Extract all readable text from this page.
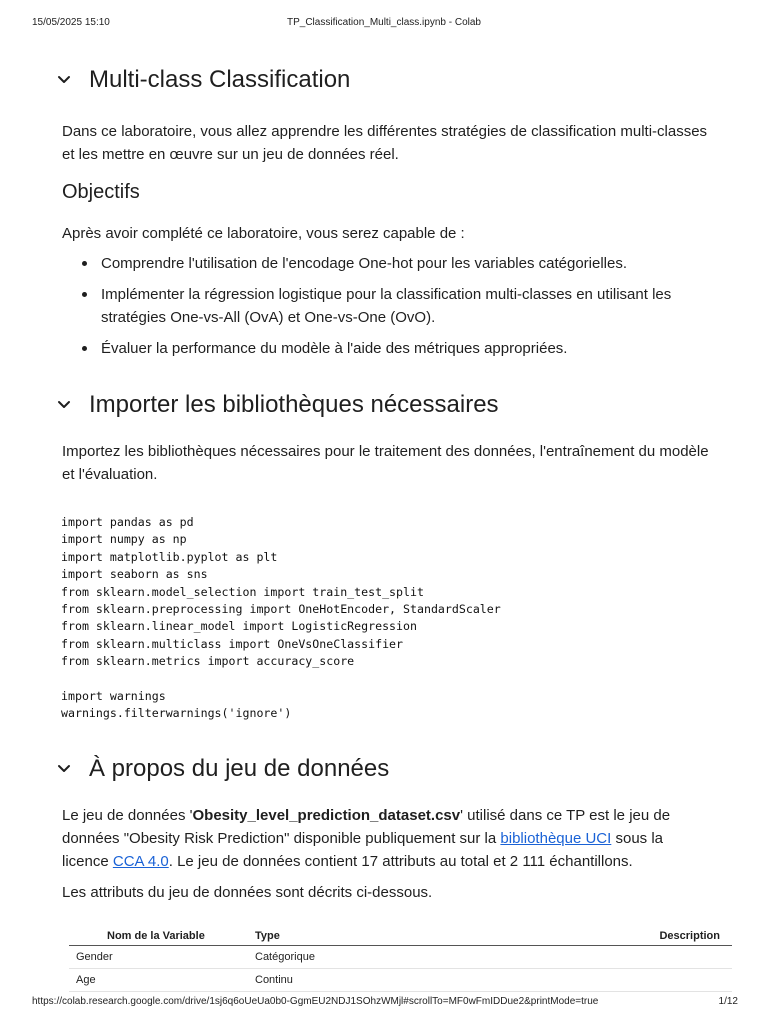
15/05/2025 15:10	TP_Classification_Multi_class.ipynb - Colab
Multi-class Classification

Dans ce laboratoire, vous allez apprendre les différentes stratégies de classification multi-classes et les mettre en œuvre sur un jeu de données réel.

Objectifs

Après avoir complété ce laboratoire, vous serez capable de :

Comprendre l'utilisation de l'encodage One-hot pour les variables catégorielles.
Implémenter la régression logistique pour la classification multi-classes en utilisant les stratégies One-vs-All (OvA) et One-vs-One (OvO).
Évaluer la performance du modèle à l'aide des métriques appropriées.
Importer les bibliothèques nécessaires

Importez les bibliothèques nécessaires pour le traitement des données, l'entraînement du modèle et l'évaluation.

import pandas as pd
import numpy as np
import matplotlib.pyplot as plt
import seaborn as sns
from sklearn.model_selection import train_test_split
from sklearn.preprocessing import OneHotEncoder, StandardScaler
from sklearn.linear_model import LogisticRegression
from sklearn.multiclass import OneVsOneClassifier
from sklearn.metrics import accuracy_score

import warnings
warnings.filterwarnings('ignore')
À propos du jeu de données

Le jeu de données 'Obesity_level_prediction_dataset.csv' utilisé dans ce TP est le jeu de données "Obesity Risk Prediction" disponible publiquement sur la bibliothèque UCI sous la licence CCA 4.0. Le jeu de données contient 17 attributs au total et 2 111 échantillons.

Les attributs du jeu de données sont décrits ci-dessous.

Nom de la Variable	Type	Description
Gender	Catégorique	
Age	Continu	
https://colab.research.google.com/drive/1sj6q6oUeUa0b0-GgmEU2NDJ1SOhzWMjl#scrollTo=MF0wFmIDDue2&printMode=true	1/12
